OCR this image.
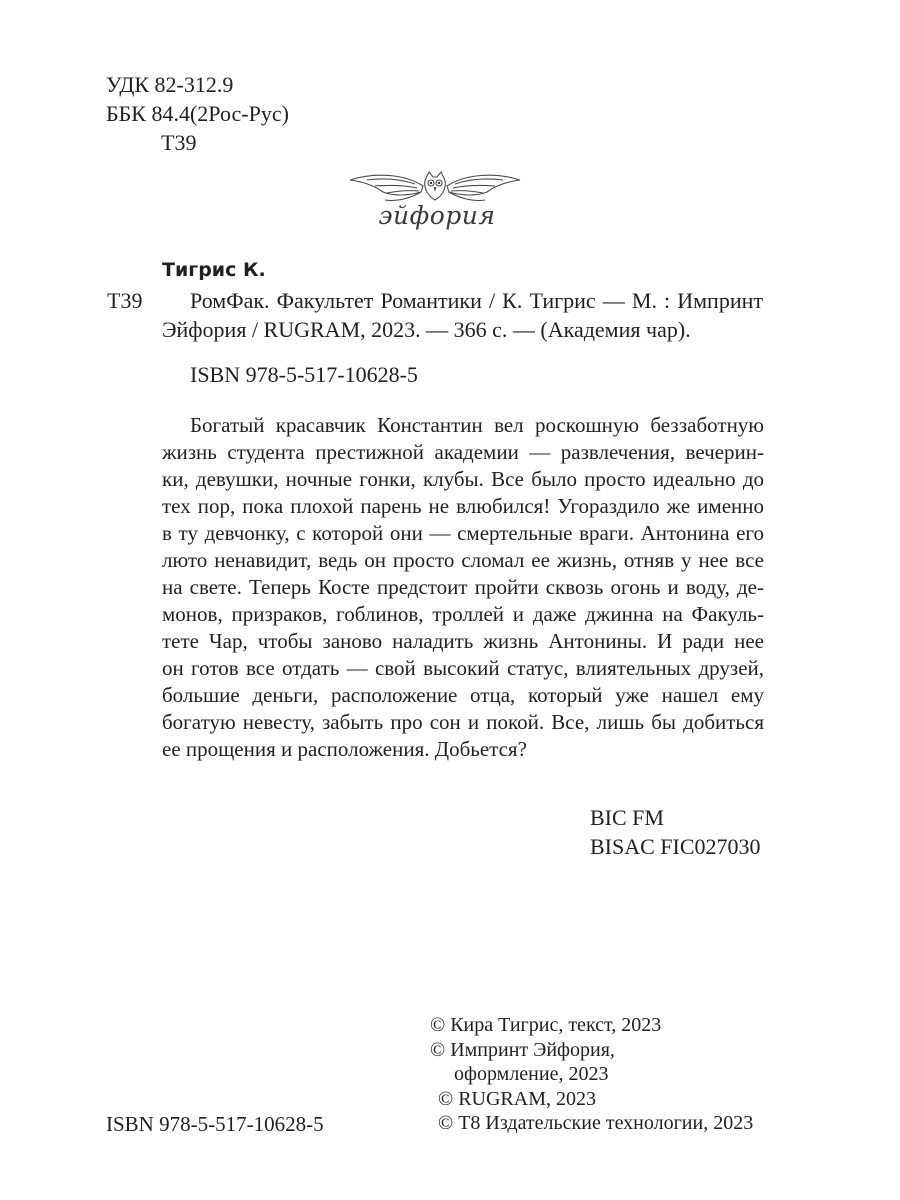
УДК 82-312.9
ББК 84.4(2Рос-Рус)
Т39
эйфория
Тигрис К.
Т39 РомФак. Факультет Романтики / К. Тигрис — М. : Импринт
Эйфория / RUGRAM, 2023. — 366 с. — (Академия чар).
ISBN 978-5-517-10628-5
Богатый красавчик Константин вел роскошную беззаботную
жизнь студента престижной академии — развлечения, вечерин-
ки, девушки, ночные гонки, клубы. Все было просто идеально до
тех пор, пока плохой парень не влюбился! Угораздило же именно
в ту девчонку, с которой они — смертельные враги. Антонина его
люто ненавидит, ведь он просто сломал ее жизнь, отняв у нее все
на свете. Теперь Косте предстоит пройти сквозь огонь и воду, де-
монов, призраков, гоблинов, троллей и даже джинна на Факуль-
тете Чар, чтобы заново наладить жизнь Антонины. И ради нее
он готов все отдать — свой высокий статус, влиятельных друзей,
большие деньги, расположение отца, который уже нашел ему
богатую невесту, забыть про сон и покой. Все, лишь бы добиться
ее прощения и расположения. Добьется?
BIC FM
BISAC FIC027030
© Кира Тигрис, текст, 2023
© Импринт Эйфория,
оформление, 2023
© RUGRAM, 2023
© Т8 Издательские технологии, 2023
ISBN 978-5-517-10628-5
